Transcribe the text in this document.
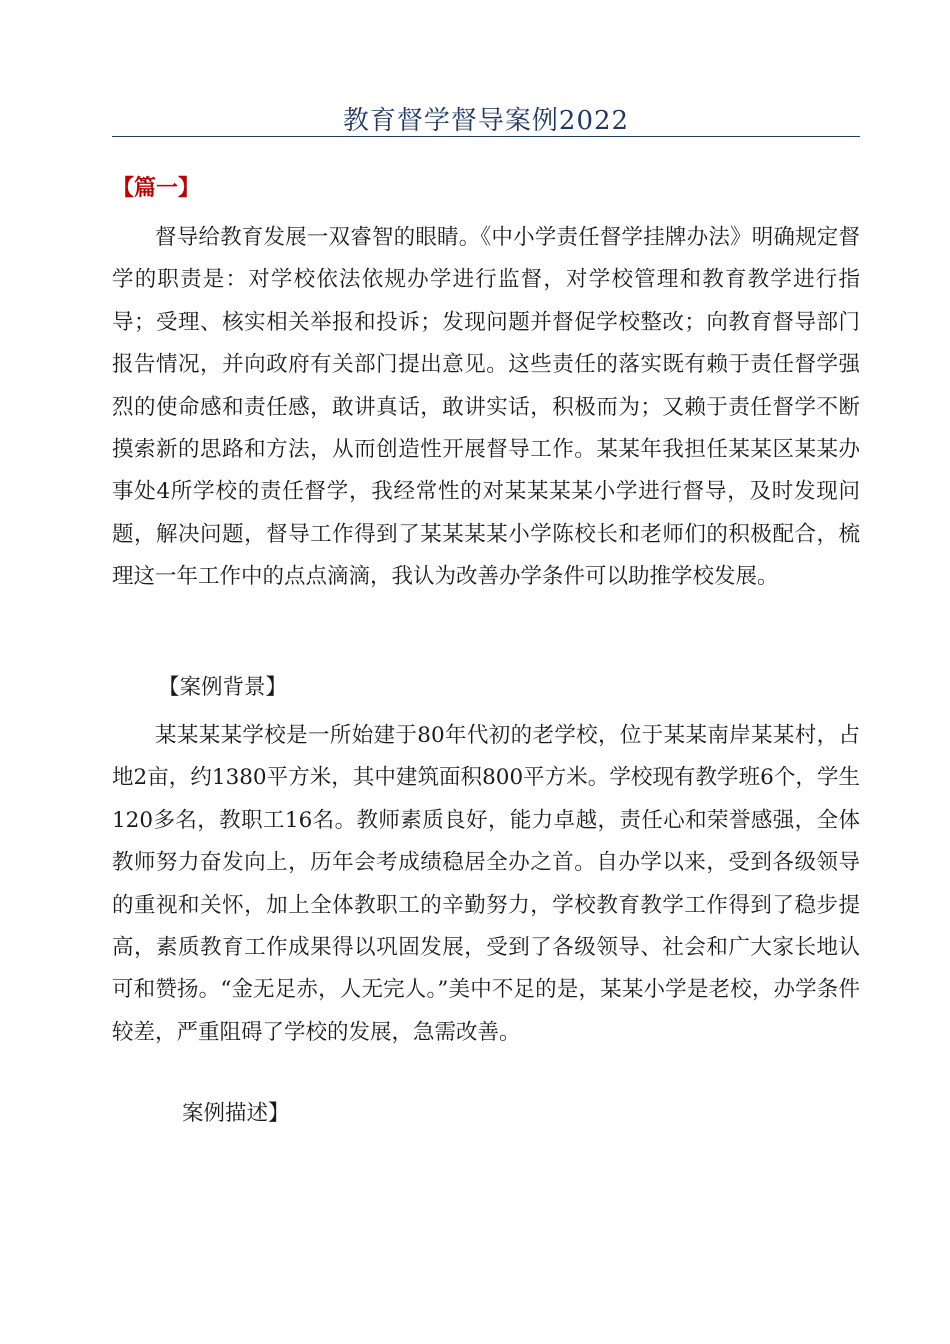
教育督学督导案例2022
【篇一】

督导给教育发展一双睿智的眼睛。《中小学责任督学挂牌办法》明确规定督学的职责是：对学校依法依规办学进行监督，对学校管理和教育教学进行指导；受理、核实相关举报和投诉；发现问题并督促学校整改；向教育督导部门报告情况，并向政府有关部门提出意见。这些责任的落实既有赖于责任督学强烈的使命感和责任感，敢讲真话，敢讲实话，积极而为；又赖于责任督学不断摸索新的思路和方法，从而创造性开展督导工作。某某年我担任某某区某某办事处4所学校的责任督学，我经常性的对某某某某小学进行督导，及时发现问题，解决问题，督导工作得到了某某某某小学陈校长和老师们的积极配合，梳理这一年工作中的点点滴滴，我认为改善办学条件可以助推学校发展。

【案例背景】

某某某某学校是一所始建于80年代初的老学校，位于某某南岸某某村，占地2亩，约1380平方米，其中建筑面积800平方米。学校现有教学班6个，学生120多名，教职工16名。教师素质良好，能力卓越，责任心和荣誉感强，全体教师努力奋发向上，历年会考成绩稳居全办之首。自办学以来，受到各级领导的重视和关怀，加上全体教职工的辛勤努力，学校教育教学工作得到了稳步提高，素质教育工作成果得以巩固发展，受到了各级领导、社会和广大家长地认可和赞扬。“金无足赤，人无完人。”美中不足的是，某某小学是老校，办学条件较差，严重阻碍了学校的发展，急需改善。

案例描述】
